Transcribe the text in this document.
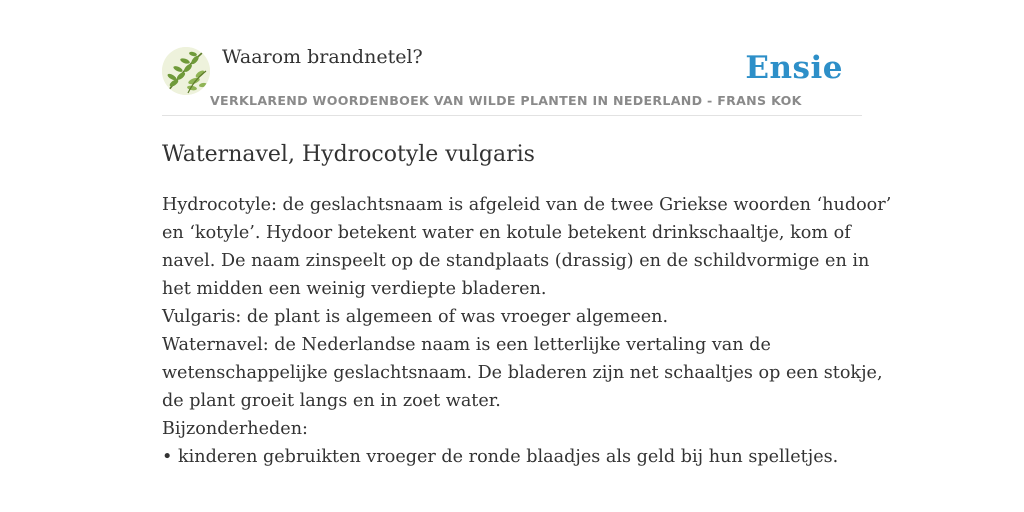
Waarom brandnetel?	Ensie
VERKLAREND WOORDENBOEK VAN WILDE PLANTEN IN NEDERLAND - FRANS KOK
Waternavel, Hydrocotyle vulgaris
Hydrocotyle: de geslachtsnaam is afgeleid van de twee Griekse woorden ‘hudoor’
en ‘kotyle’. Hydoor betekent water en kotule betekent drinkschaaltje, kom of
navel. De naam zinspeelt op de standplaats (drassig) en de schildvormige en in
het midden een weinig verdiepte bladeren.
Vulgaris: de plant is algemeen of was vroeger algemeen.
Waternavel: de Nederlandse naam is een letterlijke vertaling van de
wetenschappelijke geslachtsnaam. De bladeren zijn net schaaltjes op een stokje,
de plant groeit langs en in zoet water.
Bijzonderheden:
• kinderen gebruikten vroeger de ronde blaadjes als geld bij hun spelletjes.
